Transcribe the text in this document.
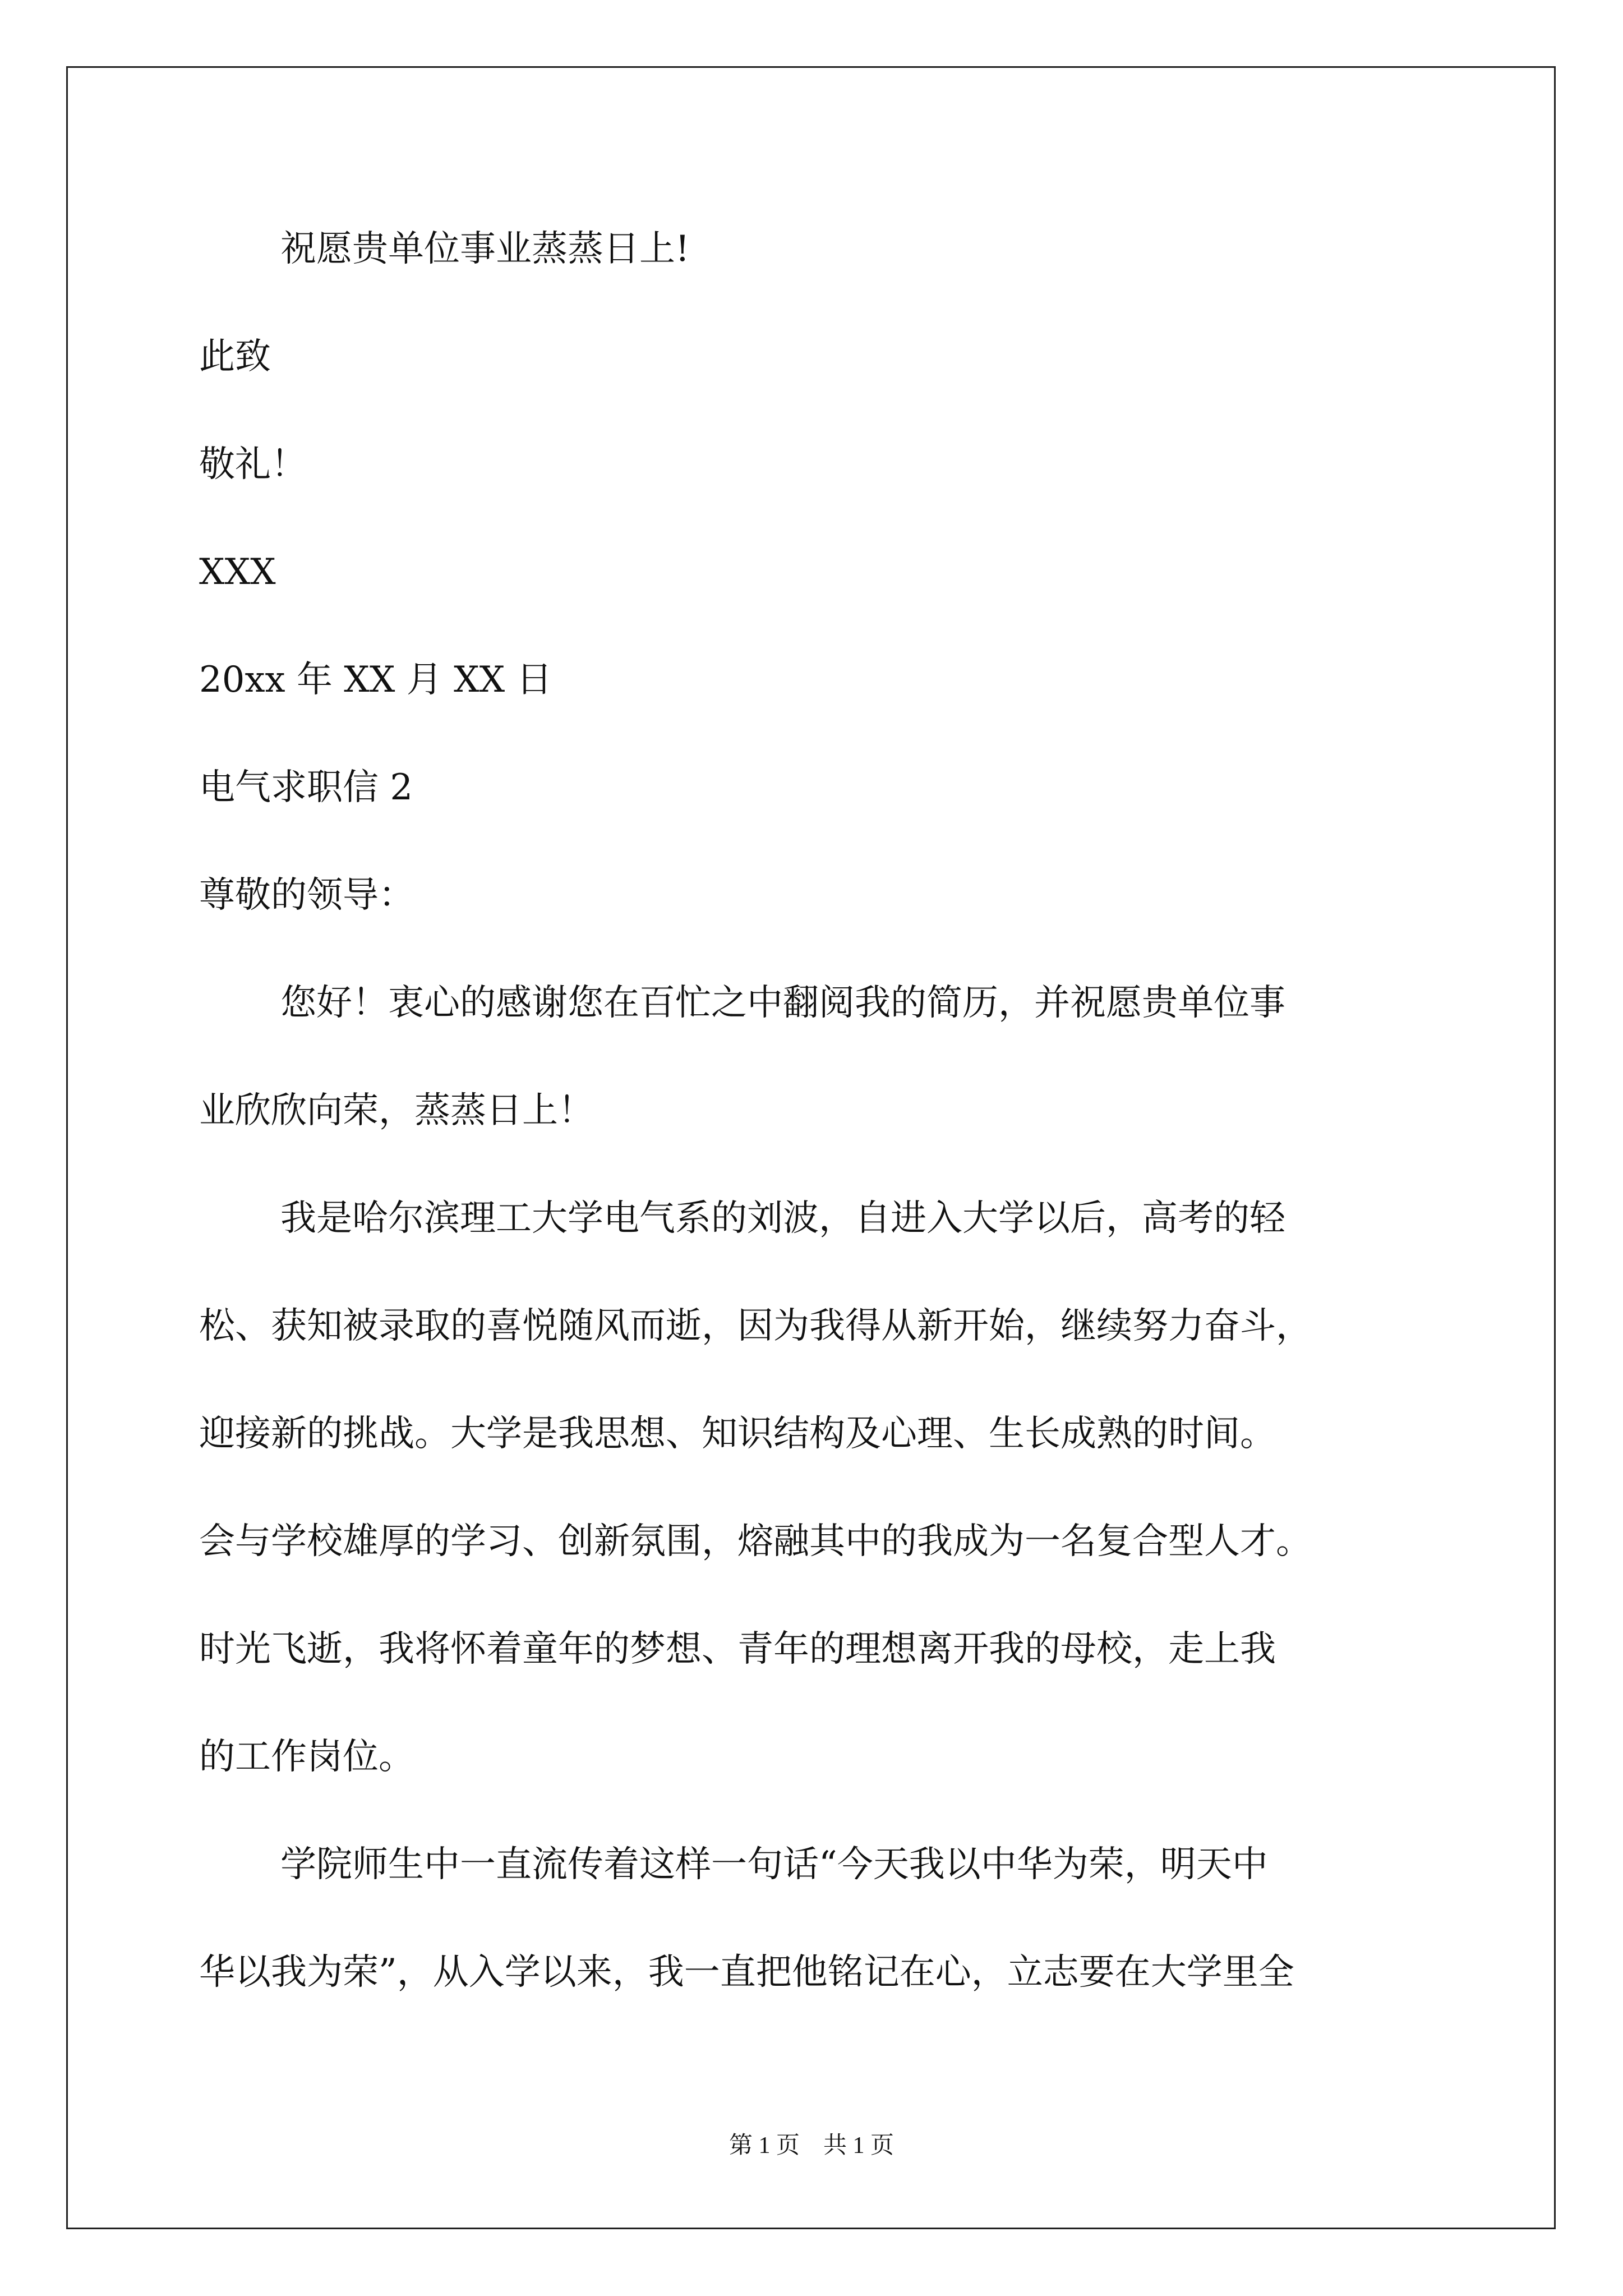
祝愿贵单位事业蒸蒸日上!
此致
敬礼！
XXX
20xx 年 XX 月 XX 日
电气求职信 2
尊敬的领导：
您好！衷心的感谢您在百忙之中翻阅我的简历，并祝愿贵单位事
业欣欣向荣，蒸蒸日上！
我是哈尔滨理工大学电气系的刘波，自进入大学以后，高考的轻
松、获知被录取的喜悦随风而逝，因为我得从新开始，继续努力奋斗，
迎接新的挑战。大学是我思想、知识结构及心理、生长成熟的时间。
会与学校雄厚的学习、创新氛围，熔融其中的我成为一名复合型人才。
时光飞逝，我将怀着童年的梦想、青年的理想离开我的母校，走上我
的工作岗位。
学院师生中一直流传着这样一句话“今天我以中华为荣，明天中
华以我为荣”，从入学以来，我一直把他铭记在心，立志要在大学里全
第 1 页　共 1 页
